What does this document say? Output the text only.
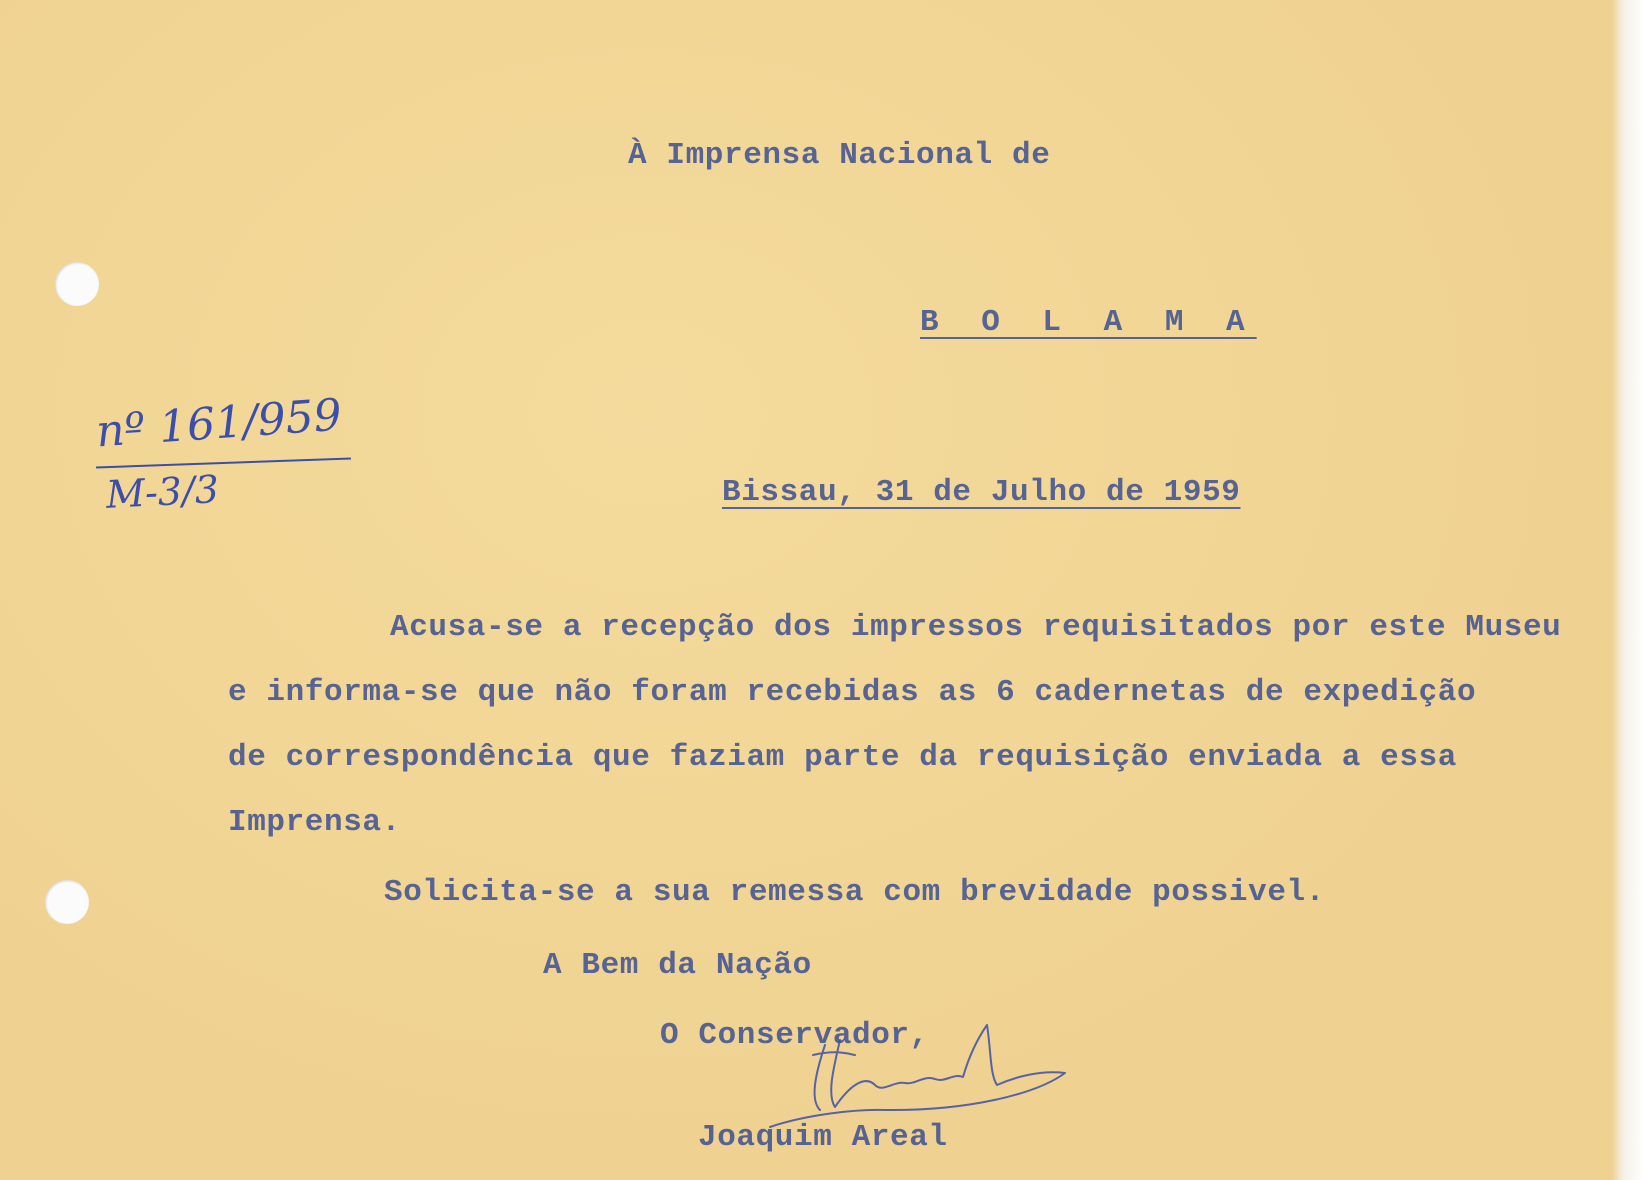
À Imprensa Nacional de
B O L A M A
nº 161/959
M-3/3	Bissau, 31 de Julho de 1959
Acusa-se a recepção dos impressos requisitados por este Museu
e informa-se que não foram recebidas as 6 cadernetas de expedição
de correspondência que faziam parte da requisição enviada a essa
Imprensa.
Solicita-se a sua remessa com brevidade possivel.
A Bem da Nação
O Conservador,
Joaquim Areal
